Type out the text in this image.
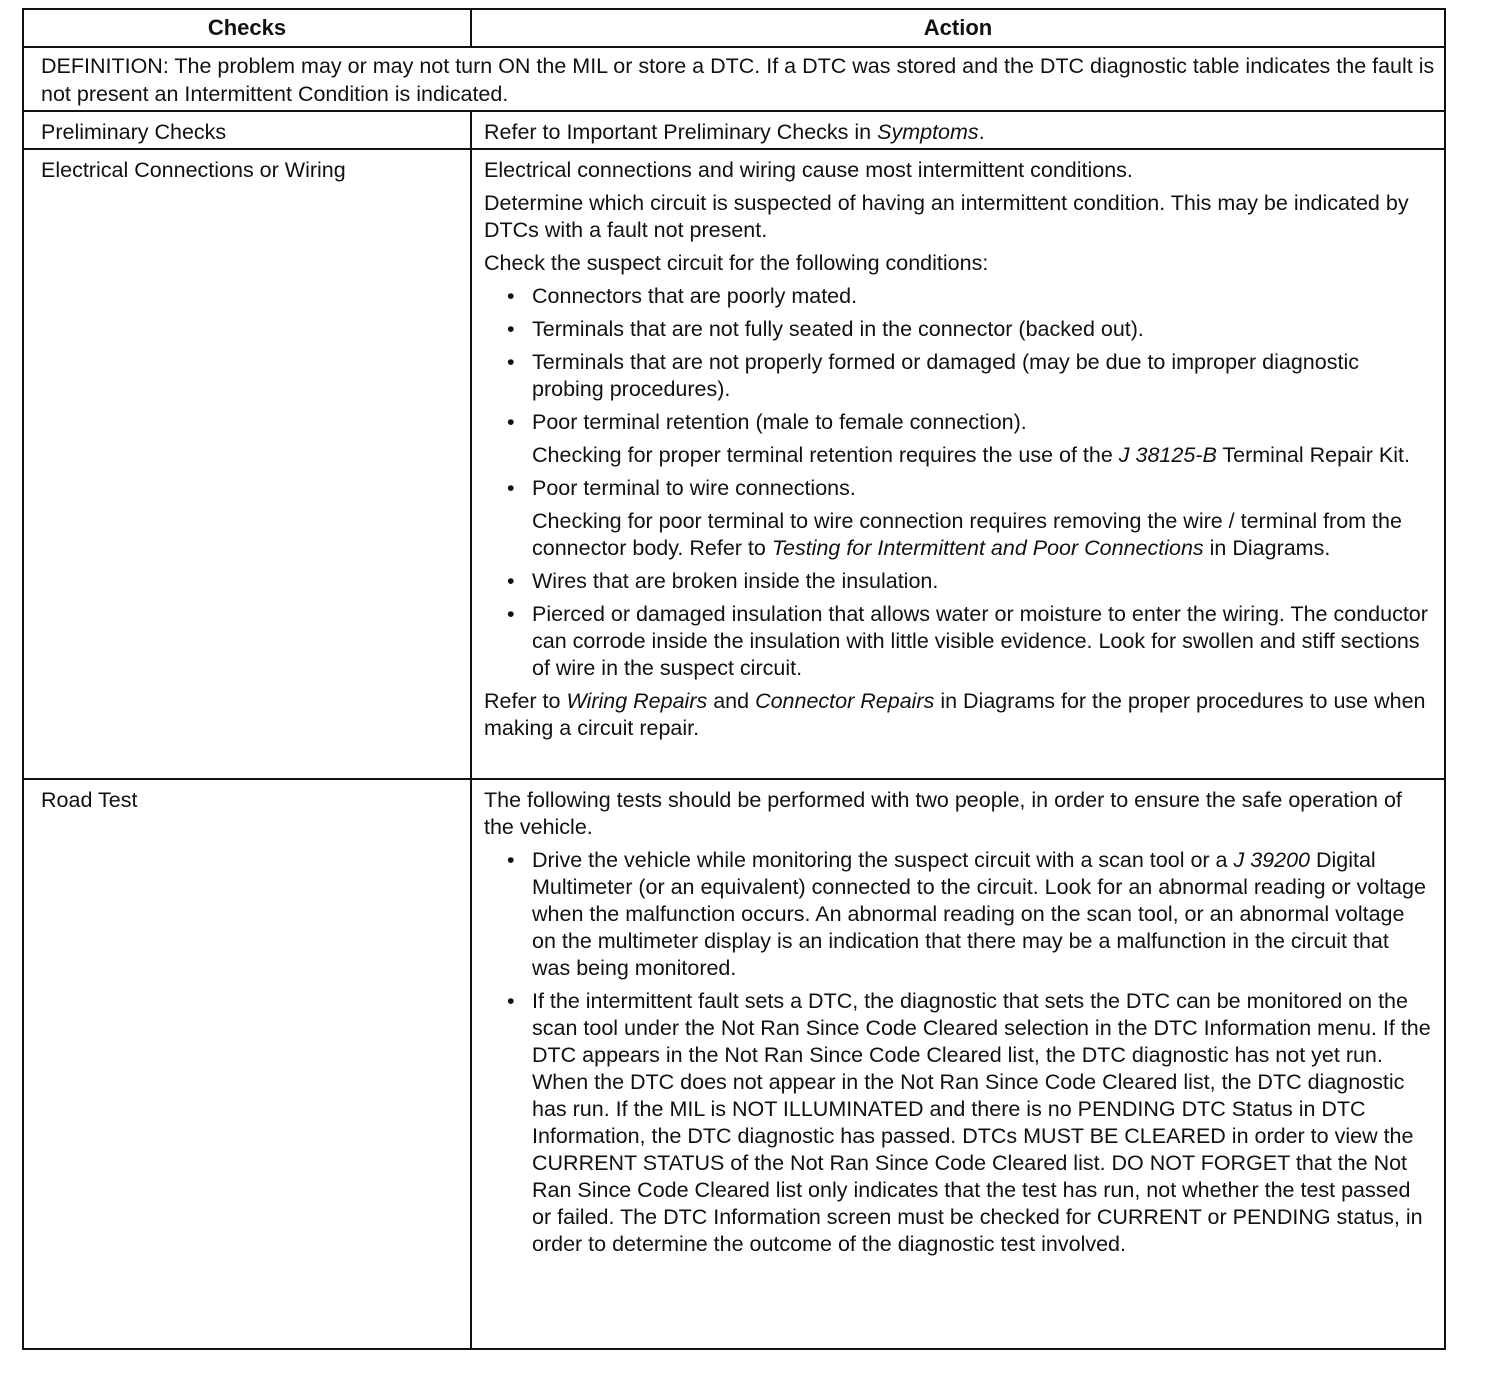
Checks	Action
DEFINITION: The problem may or may not turn ON the MIL or store a DTC. If a DTC was stored and the DTC diagnostic table indicates the fault is not present an Intermittent Condition is indicated.
Preliminary Checks	Refer to Important Preliminary Checks in Symptoms.
Electrical Connections or Wiring	Electrical connections and wiring cause most intermittent conditions.
Determine which circuit is suspected of having an intermittent condition. This may be indicated by DTCs with a fault not present.
Check the suspect circuit for the following conditions:
• Connectors that are poorly mated.
• Terminals that are not fully seated in the connector (backed out).
• Terminals that are not properly formed or damaged (may be due to improper diagnostic probing procedures).
• Poor terminal retention (male to female connection).
Checking for proper terminal retention requires the use of the J 38125-B Terminal Repair Kit.
• Poor terminal to wire connections.
Checking for poor terminal to wire connection requires removing the wire / terminal from the connector body. Refer to Testing for Intermittent and Poor Connections in Diagrams.
• Wires that are broken inside the insulation.
• Pierced or damaged insulation that allows water or moisture to enter the wiring. The conductor can corrode inside the insulation with little visible evidence. Look for swollen and stiff sections of wire in the suspect circuit.
Refer to Wiring Repairs and Connector Repairs in Diagrams for the proper procedures to use when making a circuit repair.
Road Test	The following tests should be performed with two people, in order to ensure the safe operation of the vehicle.
• Drive the vehicle while monitoring the suspect circuit with a scan tool or a J 39200 Digital Multimeter (or an equivalent) connected to the circuit. Look for an abnormal reading or voltage when the malfunction occurs. An abnormal reading on the scan tool, or an abnormal voltage on the multimeter display is an indication that there may be a malfunction in the circuit that was being monitored.
• If the intermittent fault sets a DTC, the diagnostic that sets the DTC can be monitored on the scan tool under the Not Ran Since Code Cleared selection in the DTC Information menu. If the DTC appears in the Not Ran Since Code Cleared list, the DTC diagnostic has not yet run. When the DTC does not appear in the Not Ran Since Code Cleared list, the DTC diagnostic has run. If the MIL is NOT ILLUMINATED and there is no PENDING DTC Status in DTC Information, the DTC diagnostic has passed. DTCs MUST BE CLEARED in order to view the CURRENT STATUS of the Not Ran Since Code Cleared list. DO NOT FORGET that the Not Ran Since Code Cleared list only indicates that the test has run, not whether the test passed or failed. The DTC Information screen must be checked for CURRENT or PENDING status, in order to determine the outcome of the diagnostic test involved.
